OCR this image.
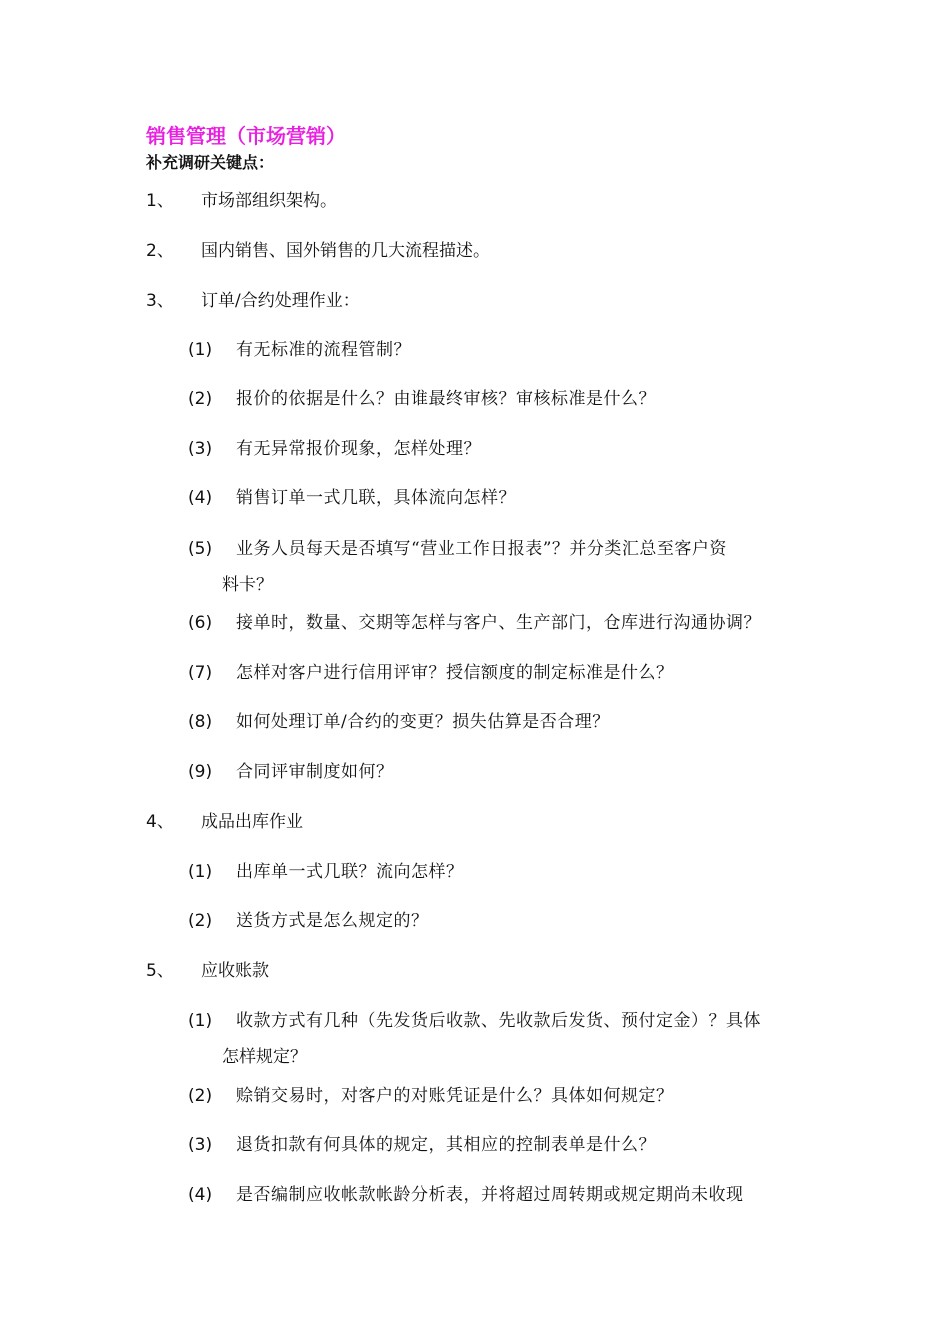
销售管理（市场营销）
补充调研关键点：
1、 市场部组织架构。
2、 国内销售、国外销售的几大流程描述。
3、 订单/合约处理作业：
(1) 有无标准的流程管制？
(2) 报价的依据是什么？由谁最终审核？审核标准是什么？
(3) 有无异常报价现象，怎样处理？
(4) 销售订单一式几联，具体流向怎样？
(5) 业务人员每天是否填写“营业工作日报表”？并分类汇总至客户资
料卡？
(6) 接单时，数量、交期等怎样与客户、生产部门，仓库进行沟通协调？
(7) 怎样对客户进行信用评审？授信额度的制定标准是什么？
(8) 如何处理订单/合约的变更？损失估算是否合理？
(9) 合同评审制度如何？
4、 成品出库作业
(1) 出库单一式几联？流向怎样？
(2) 送货方式是怎么规定的？
5、 应收账款
(1) 收款方式有几种（先发货后收款、先收款后发货、预付定金）？具体
怎样规定？
(2) 赊销交易时，对客户的对账凭证是什么？具体如何规定？
(3) 退货扣款有何具体的规定，其相应的控制表单是什么？
(4) 是否编制应收帐款帐龄分析表，并将超过周转期或规定期尚未收现
